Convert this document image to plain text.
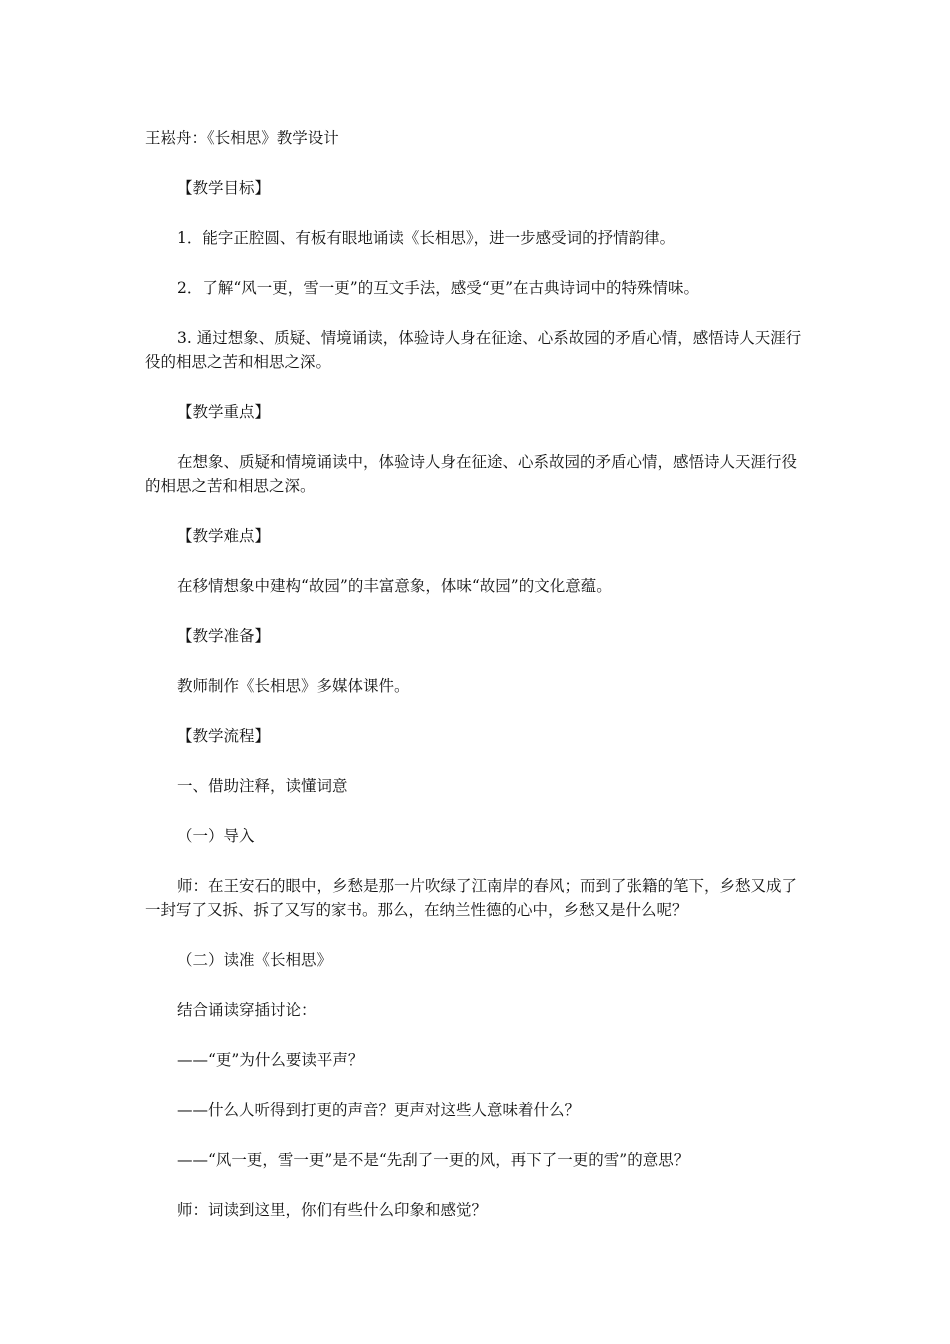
王崧舟：《长相思》教学设计
【教学目标】
1．能字正腔圆、有板有眼地诵读《长相思》，进一步感受词的抒情韵律。
2．了解“风一更，雪一更”的互文手法，感受“更”在古典诗词中的特殊情味。
3. 通过想象、质疑、情境诵读，体验诗人身在征途、心系故园的矛盾心情，感悟诗人天涯行役的相思之苦和相思之深。
【教学重点】
在想象、质疑和情境诵读中，体验诗人身在征途、心系故园的矛盾心情，感悟诗人天涯行役的相思之苦和相思之深。
【教学难点】
在移情想象中建构“故园”的丰富意象，体味“故园”的文化意蕴。
【教学准备】
教师制作《长相思》多媒体课件。
【教学流程】
一、借助注释，读懂词意
（一）导入
师：在王安石的眼中，乡愁是那一片吹绿了江南岸的春风；而到了张籍的笔下，乡愁又成了一封写了又拆、拆了又写的家书。那么，在纳兰性德的心中，乡愁又是什么呢？
（二）读准《长相思》
结合诵读穿插讨论：
——“更”为什么要读平声？
——什么人听得到打更的声音？更声对这些人意味着什么？
——“风一更，雪一更”是不是“先刮了一更的风，再下了一更的雪”的意思？
师：词读到这里，你们有些什么印象和感觉？
